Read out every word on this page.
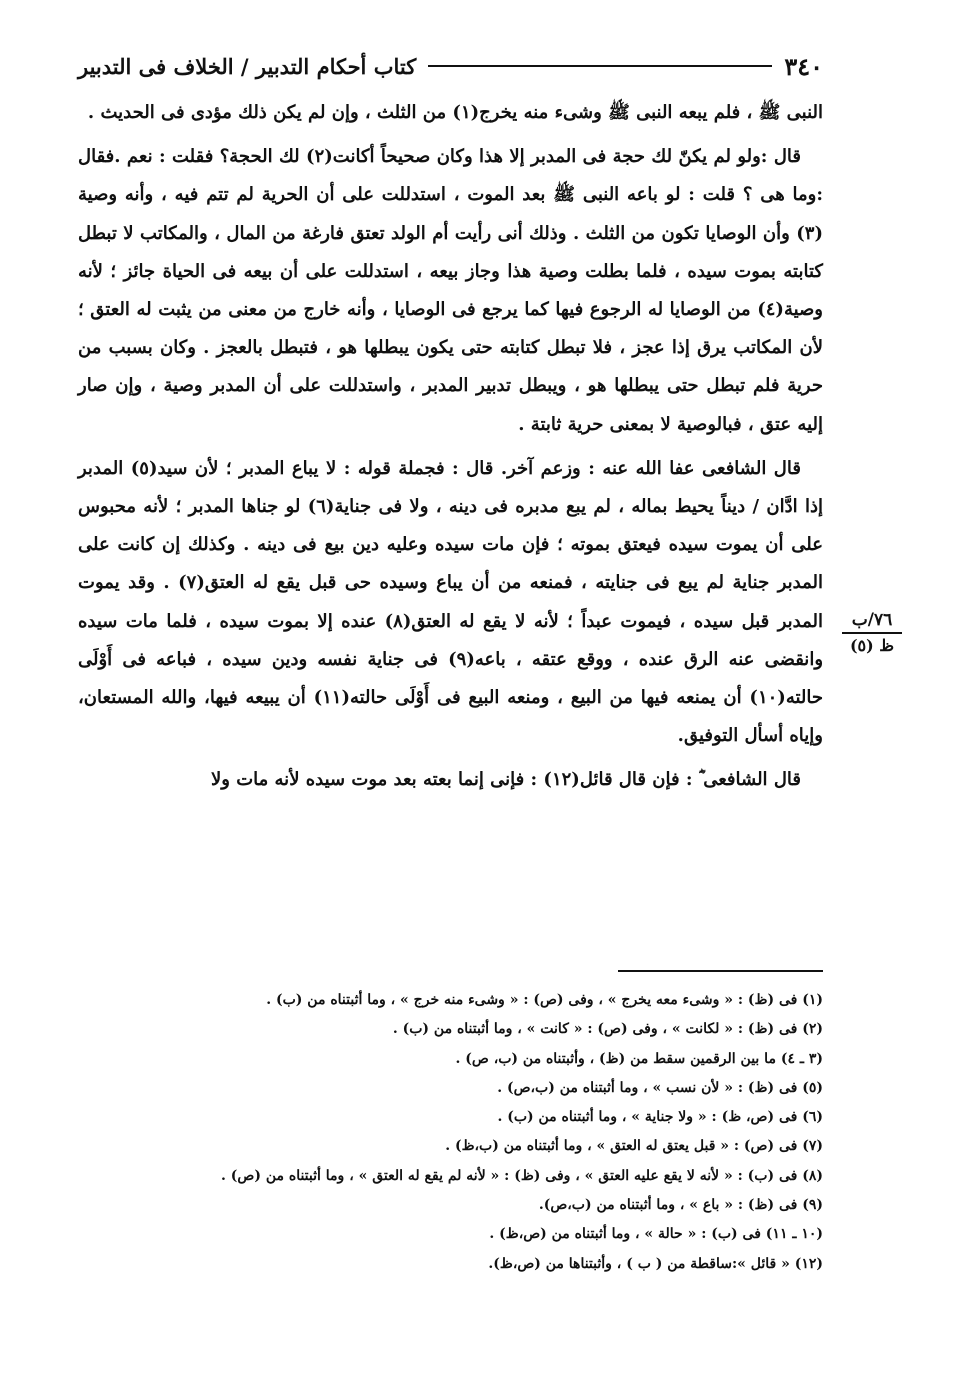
٣٤٠
كتاب أحكام التدبير / الخلاف فى التدبير
٧٦/ب
ظ (٥)

النبى ﷺ ، فلم يبعه النبى ﷺ وشىء منه يخرج(١) من الثلث ، وإن لم يكن ذلك مؤدى فى الحديث .

قال :ولو لم يكنّ لك حجة فى المدبر إلا هذا وكان صحيحاً أكانت(٢) لك الحجة؟ فقلت : نعم .فقال :وما هى ؟ قلت : لو باعه النبى ﷺ بعد الموت ، استدللت على أن الحرية لم تتم فيه ، وأنه وصية (٣) وأن الوصايا تكون من الثلث . وذلك أنى رأيت أم الولد تعتق فارغة من المال ، والمكاتب لا تبطل كتابته بموت سيده ، فلما بطلت وصية هذا وجاز بيعه ، استدللت على أن بيعه فى الحياة جائز ؛ لأنه وصية(٤) من الوصايا له الرجوع فيها كما يرجع فى الوصايا ، وأنه خارج من معنى من يثبت له العتق ؛ لأن المكاتب يرق إذا عجز ، فلا تبطل كتابته حتى يكون يبطلها هو ، فتبطل بالعجز . وكان بسبب من حرية فلم تبطل حتى يبطلها هو ، ويبطل تدبير المدبر ، واستدللت على أن المدبر وصية ، وإن صار إليه عتق ، فبالوصية لا بمعنى حرية ثابتة .

قال الشافعى عفا الله عنه : وزعم آخر. قال : فجملة قوله : لا يباع المدبر ؛ لأن سيد(٥) المدبر إذا ادَّان / ديناً يحيط بماله ، لم يبع مدبره فى دينه ، ولا فى جناية(٦) لو جناها المدبر ؛ لأنه محبوس على أن يموت سيده فيعتق بموته ؛ فإن مات سيده وعليه دين بيع فى دينه . وكذلك إن كانت على المدبر جناية لم يبع فى جنايته ، فمنعه من أن يباع وسيده حى قبل يقع له العتق(٧) . وقد يموت المدبر قبل سيده ، فيموت عبداً ؛ لأنه لا يقع له العتق(٨) عنده إلا بموت سيده ، فلما مات سيده وانقضى عنه الرق عنده ، ووقع عتقه ، باعه(٩) فى جناية نفسه ودين سيده ، فباعه فى أَوْلَى حالته(١٠) أن يمنعه فيها من البيع ، ومنعه البيع فى أَوْلَى حالته(١١) أن يبيعه فيها، والله المستعان، وإياه أسأل التوفيق.

قال الشافعى ؓ : فإن قال قائل(١٢) : فإنى إنما بعته بعد موت سيده لأنه مات ولا

(١) فى (ظ) : « وشىء معه يخرج » ، وفى (ص) : « وشىء منه خرج » ، وما أثبتناه من (ب) .
(٢) فى (ظ) : « لكانت » ، وفى (ص) : « كانت » ، وما أثبتناه من (ب) .
(٣ ـ ٤) ما بين الرقمين سقط من (ظ) ، وأثبتناه من (ب، ص) .
(٥) فى (ظ) : « لأن نسب » ، وما أثبتناه من (ب،ص) .
(٦) فى (ص، ظ) : « ولا جناية » ، وما أثبتناه من (ب) .
(٧) فى (ص) : « قبل يعتق له العتق » ، وما أثبتناه من (ب،ظ) .
(٨) فى (ب) : « لأنه لا يقع عليه العتق » ، وفى (ظ) : « لأنه لم يقع له العتق » ، وما أثبتناه من (ص) .
(٩) فى (ظ) : « باع » ، وما أثبتناه من (ب،ص).
(١٠ ـ ١١) فى (ب) : « حالة » ، وما أثبتناه من (ص،ظ) .
(١٢) « قائل »:ساقطة من ( ب ) ، وأثبتناها من (ص،ظ).
